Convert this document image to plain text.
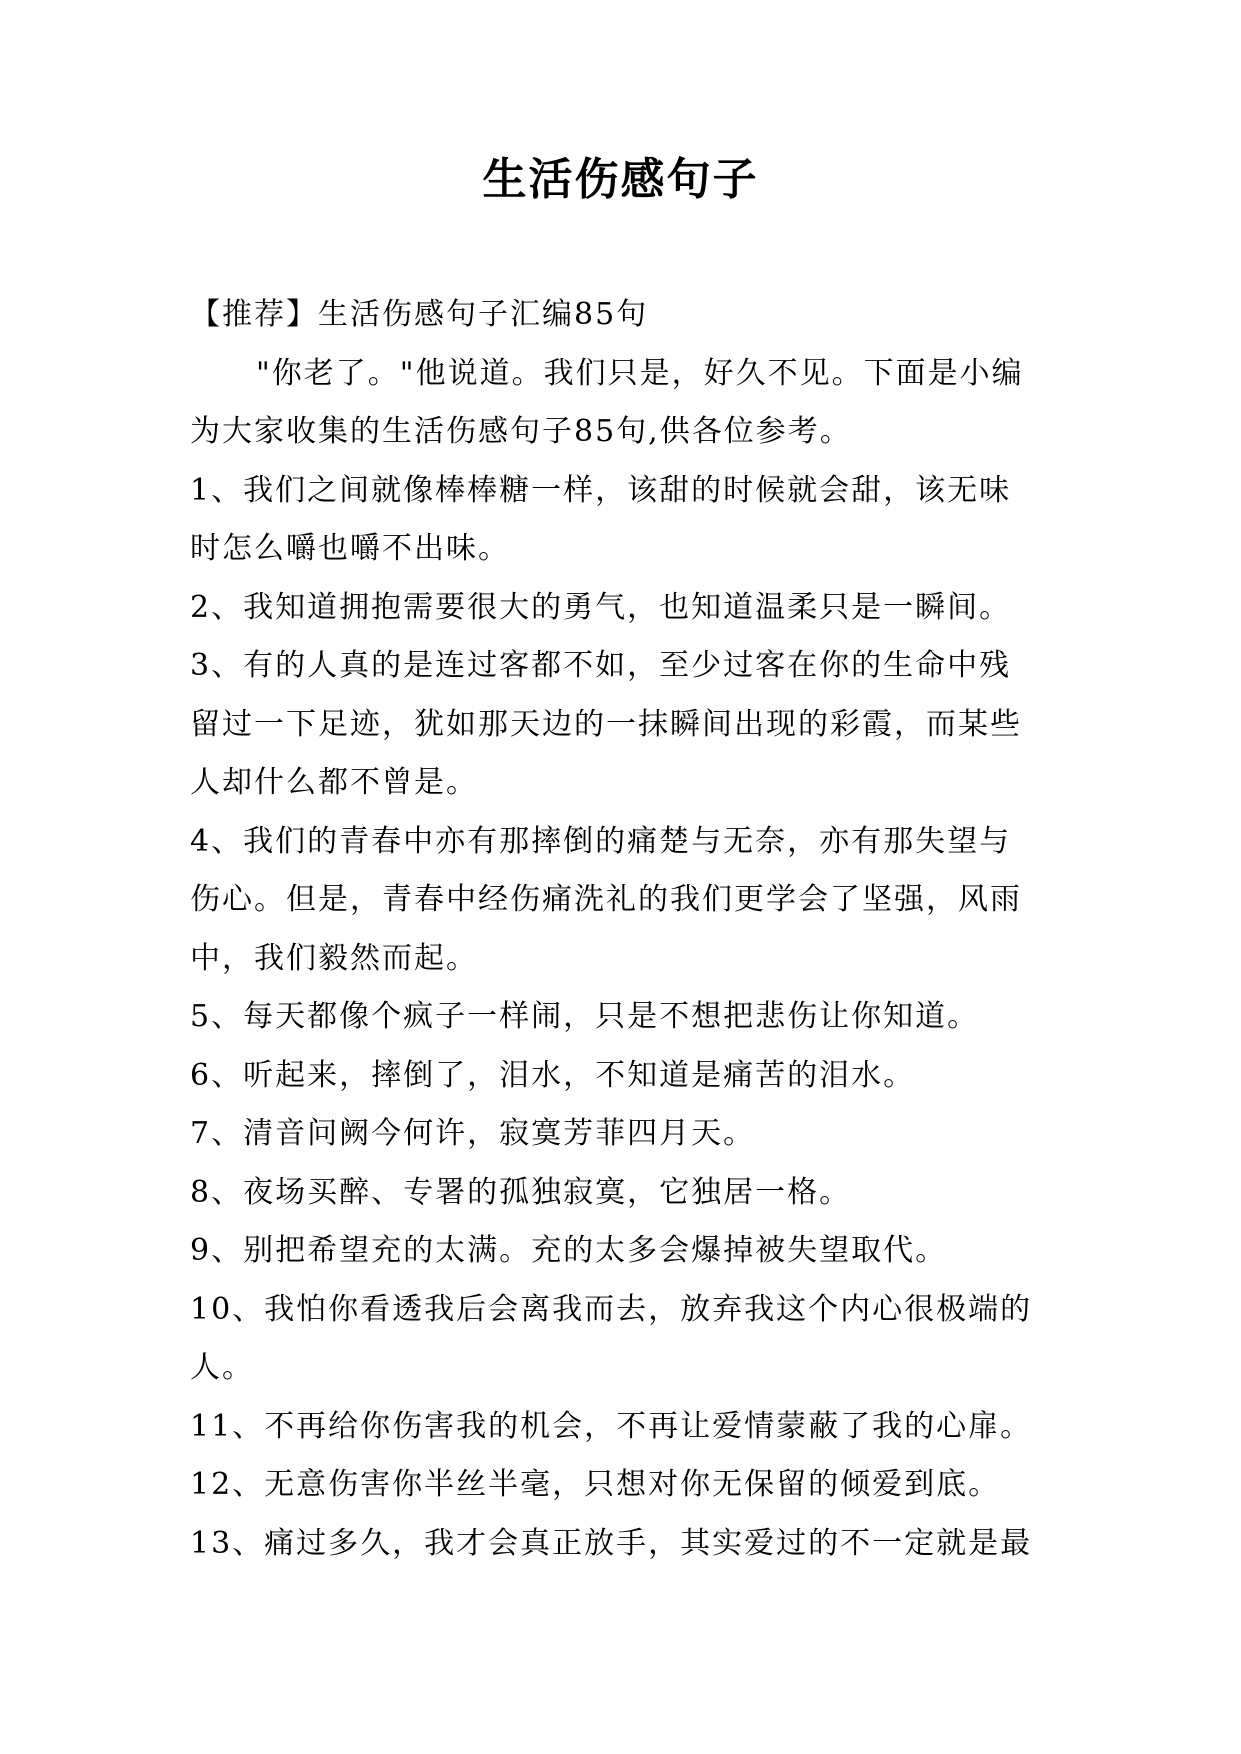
生活伤感句子

【推荐】生活伤感句子汇编85句

"你老了。"他说道。我们只是，好久不见。下面是小编

为大家收集的生活伤感句子85句,供各位参考。

1、我们之间就像棒棒糖一样，该甜的时候就会甜，该无味

时怎么嚼也嚼不出味。

2、我知道拥抱需要很大的勇气，也知道温柔只是一瞬间。

3、有的人真的是连过客都不如，至少过客在你的生命中残

留过一下足迹，犹如那天边的一抹瞬间出现的彩霞，而某些

人却什么都不曾是。

4、我们的青春中亦有那摔倒的痛楚与无奈，亦有那失望与

伤心。但是，青春中经伤痛洗礼的我们更学会了坚强，风雨

中，我们毅然而起。

5、每天都像个疯子一样闹，只是不想把悲伤让你知道。

6、听起来，摔倒了，泪水，不知道是痛苦的泪水。

7、清音问阙今何许，寂寞芳菲四月天。

8、夜场买醉、专署的孤独寂寞，它独居一格。

9、别把希望充的太满。充的太多会爆掉被失望取代。

10、我怕你看透我后会离我而去，放弃我这个内心很极端的

人。

11、不再给你伤害我的机会，不再让爱情蒙蔽了我的心扉。

12、无意伤害你半丝半毫，只想对你无保留的倾爱到底。

13、痛过多久，我才会真正放手，其实爱过的不一定就是最
